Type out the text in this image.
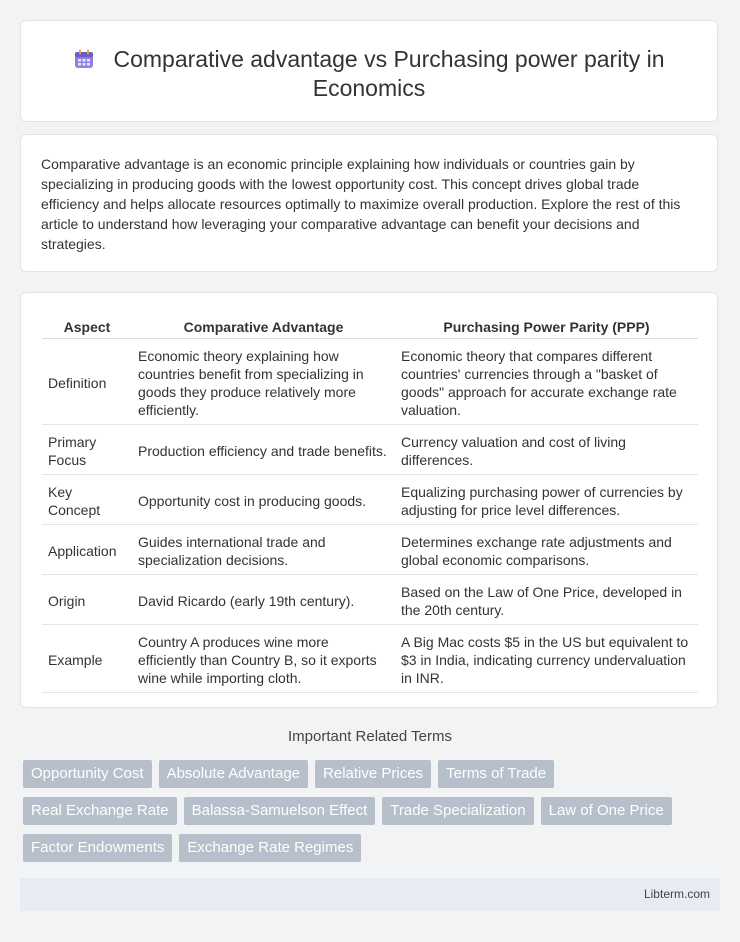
Comparative advantage vs Purchasing power parity in Economics
Comparative advantage is an economic principle explaining how individuals or countries gain by specializing in producing goods with the lowest opportunity cost. This concept drives global trade efficiency and helps allocate resources optimally to maximize overall production. Explore the rest of this article to understand how leveraging your comparative advantage can benefit your decisions and strategies.
Aspect	Comparative Advantage	Purchasing Power Parity (PPP)
Definition	Economic theory explaining how countries benefit from specializing in goods they produce relatively more efficiently.	Economic theory that compares different countries' currencies through a "basket of goods" approach for accurate exchange rate valuation.
Primary Focus	Production efficiency and trade benefits.	Currency valuation and cost of living differences.
Key Concept	Opportunity cost in producing goods.	Equalizing purchasing power of currencies by adjusting for price level differences.
Application	Guides international trade and specialization decisions.	Determines exchange rate adjustments and global economic comparisons.
Origin	David Ricardo (early 19th century).	Based on the Law of One Price, developed in the 20th century.
Example	Country A produces wine more efficiently than Country B, so it exports wine while importing cloth.	A Big Mac costs $5 in the US but equivalent to $3 in India, indicating currency undervaluation in INR.
Important Related Terms
Opportunity Cost Absolute Advantage Relative Prices Terms of Trade
Real Exchange Rate Balassa-Samuelson Effect Trade Specialization Law of One Price
Factor Endowments Exchange Rate Regimes
Libterm.com
